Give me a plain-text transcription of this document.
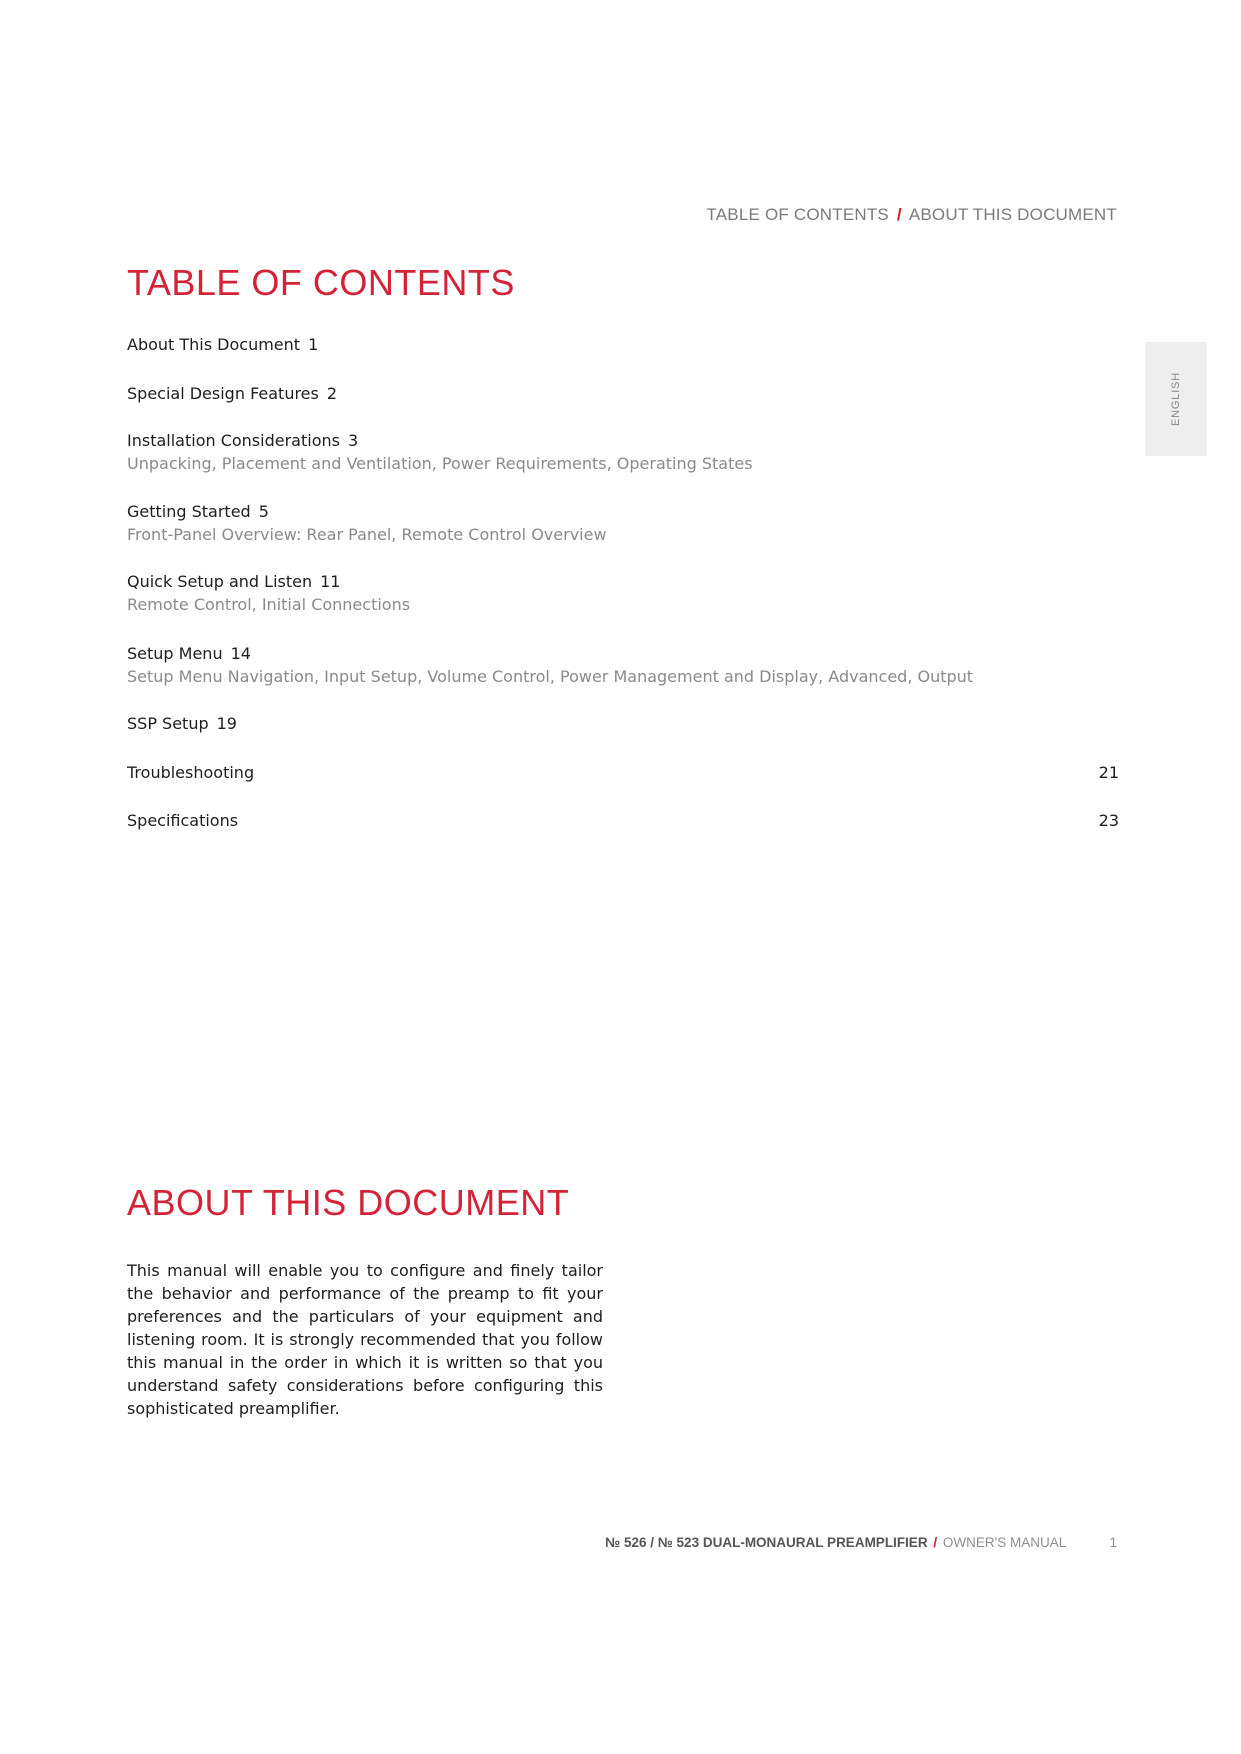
TABLE OF CONTENTS / ABOUT THIS DOCUMENT
ENGLISH
TABLE OF CONTENTS
About This Document 1
Special Design Features 2
Installation Considerations 3
Unpacking, Placement and Ventilation, Power Requirements, Operating States
Getting Started 5
Front-Panel Overview: Rear Panel, Remote Control Overview
Quick Setup and Listen 11
Remote Control, Initial Connections
Setup Menu 14
Setup Menu Navigation, Input Setup, Volume Control, Power Management and Display, Advanced, Output
SSP Setup 19
Troubleshooting	21
Specifications	23
ABOUT THIS DOCUMENT

This manual will enable you to configure and finely tailor the behavior and performance of the preamp to fit your preferences and the particulars of your equipment and listening room. It is strongly recommended that you follow this manual in the order in which it is written so that you understand safety considerations before configuring this sophisticated preamplifier.

№ 526 / № 523 DUAL-MONAURAL PREAMPLIFIER / OWNER'S MANUAL	1
